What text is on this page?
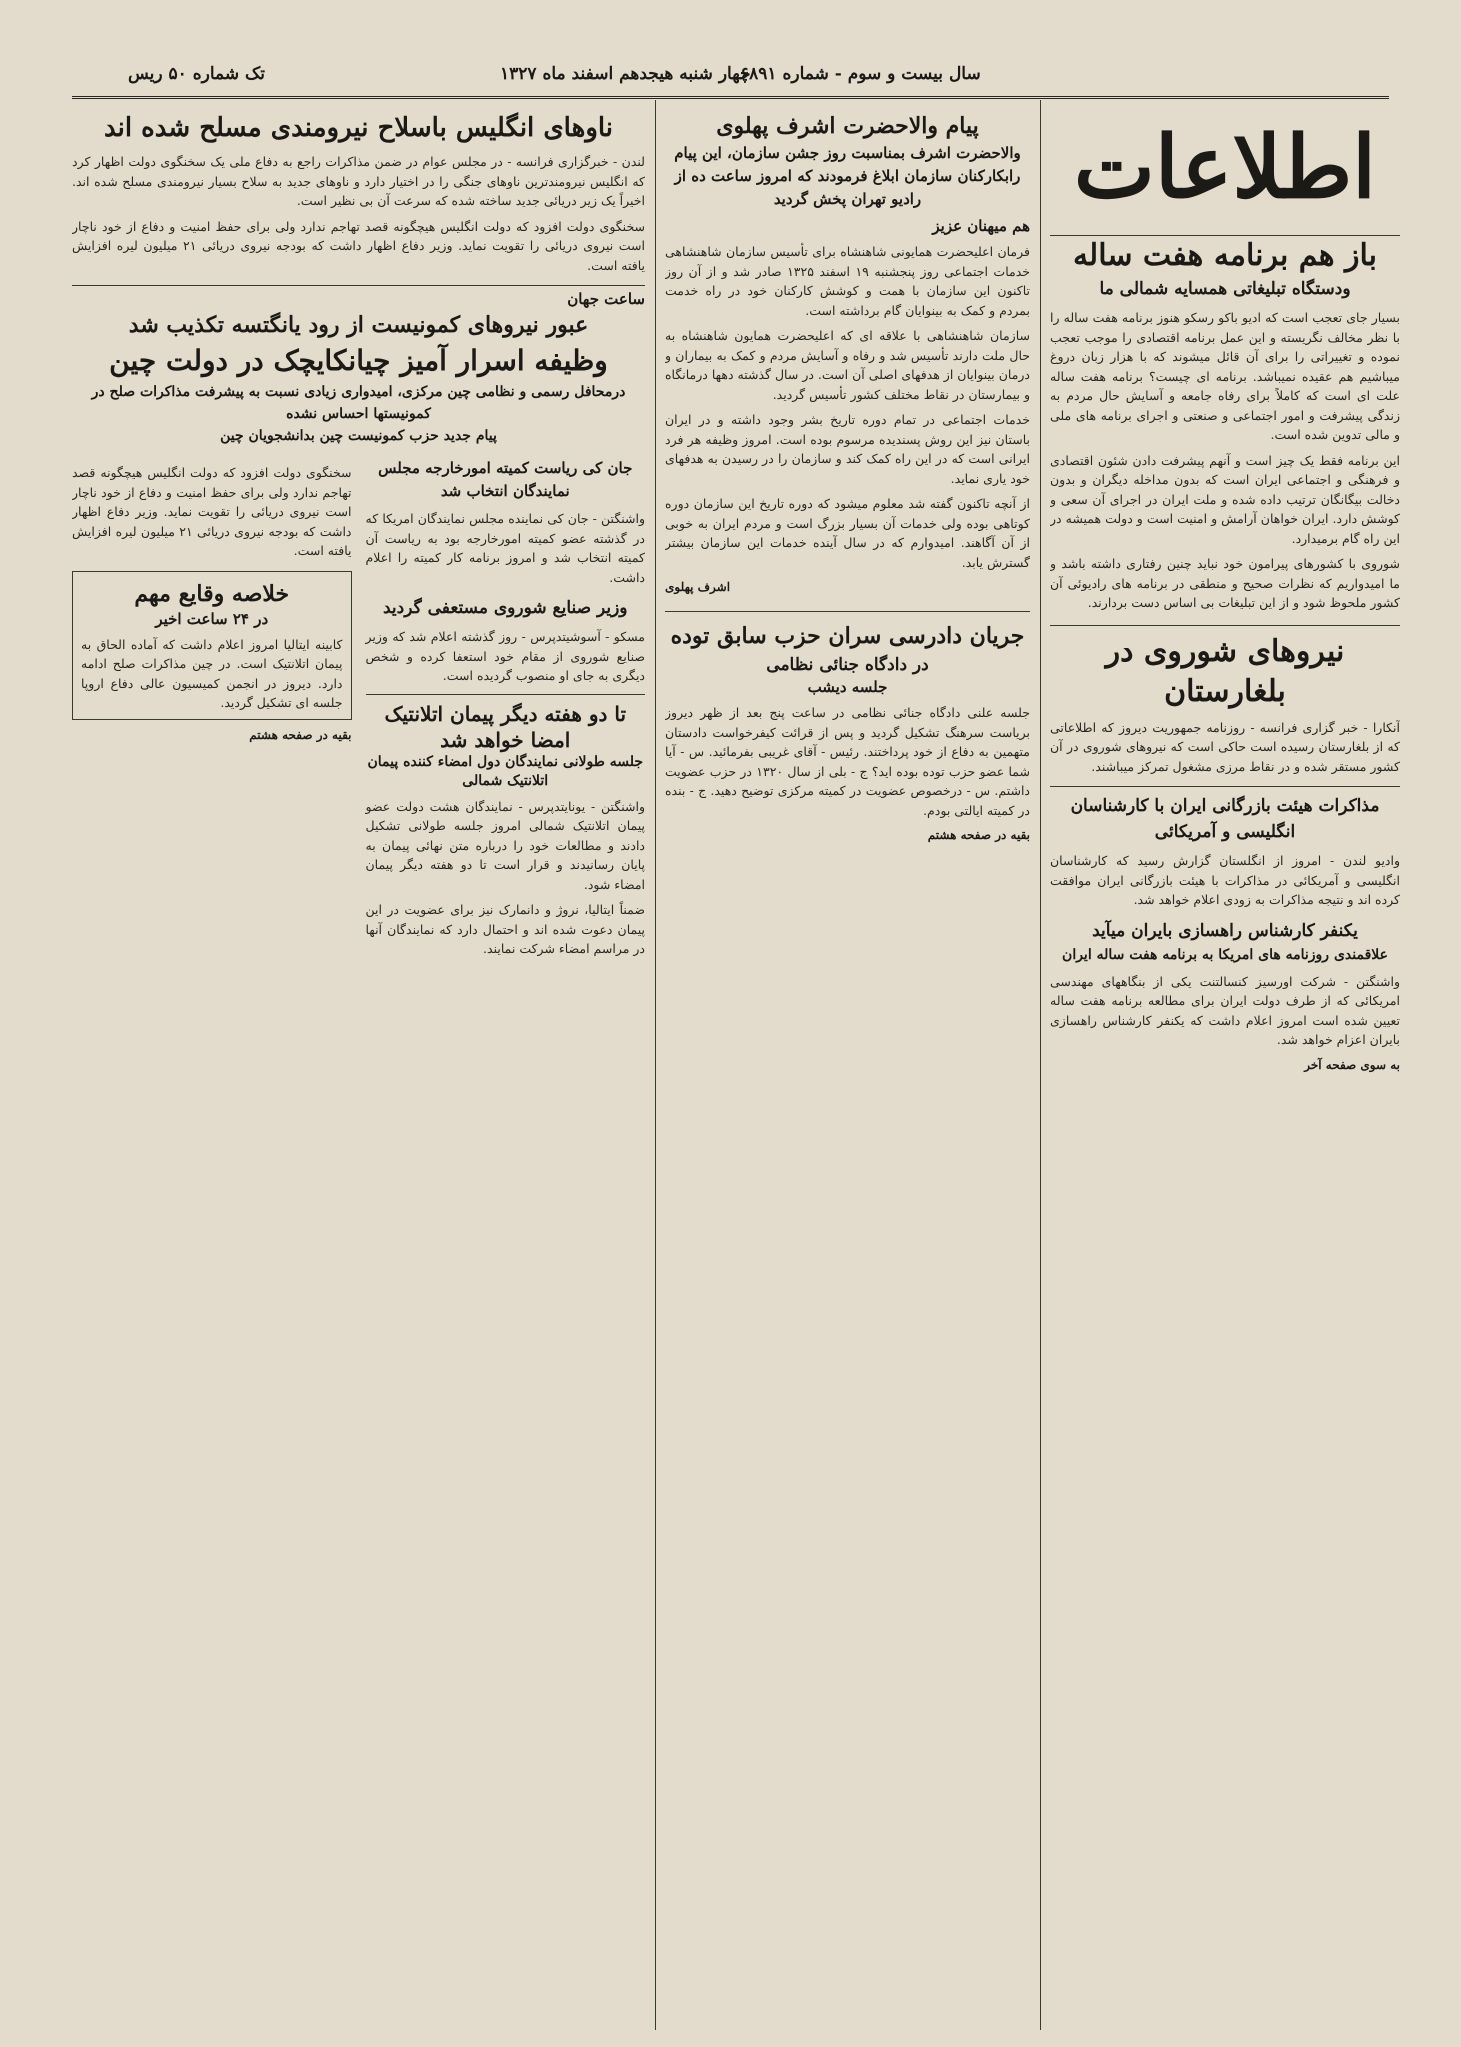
تک شماره ۵۰ ریس	چهار شنبه هیجدهم اسفند ماه ۱۳۲۷
سال بیست و سوم - شماره ۶۸۹۱
اطلاعات
باز هم برنامه هفت ساله
ودستگاه تبلیغاتی همسایه شمالی ما
بسیار جای تعجب است که ادیو باکو رسکو هنوز برنامه هفت ساله را با نظر مخالف نگریسته و این عمل برنامه اقتصادی را موجب تعجب نموده و تغییراتی را برای آن قائل میشوند که با هزار زبان دروغ میباشیم هم عقیده نمیباشد. برنامه ای چیست؟ برنامه هفت ساله علت ای است که کاملاً برای رفاه جامعه و آسایش حال مردم به زندگی پیشرفت و امور اجتماعی و صنعتی و اجرای برنامه های ملی و مالی تدوین شده است.
این برنامه فقط یک چیز است و آنهم پیشرفت دادن شئون اقتصادی و فرهنگی و اجتماعی ایران است که بدون مداخله دیگران و بدون دخالت بیگانگان ترتیب داده شده و ملت ایران در اجرای آن سعی و کوشش دارد. ایران خواهان آرامش و امنیت است و دولت همیشه در این راه گام برمیدارد.
شوروی با کشورهای پیرامون خود نباید چنین رفتاری داشته باشد و ما امیدواریم که نظرات صحیح و منطقی در برنامه های رادیوئی آن کشور ملحوظ شود و از این تبلیغات بی اساس دست بردارند.
نیروهای شوروی در بلغارستان
آنکارا - خبر گزاری فرانسه - روزنامه جمهوریت دیروز که اطلاعاتی که از بلغارستان رسیده است حاکی است که نیروهای شوروی در آن کشور مستقر شده و در نقاط مرزی مشغول تمرکز میباشند.
مذاکرات هیئت بازرگانی ایران با کارشناسان انگلیسی و آمریکائی
وادیو لندن - امروز از انگلستان گزارش رسید که کارشناسان انگلیسی و آمریکائی در مذاکرات با هیئت بازرگانی ایران موافقت کرده اند و نتیجه مذاکرات به زودی اعلام خواهد شد.
یکنفر کارشناس راهسازی بایران میآید
علاقمندی روزنامه های امریکا به برنامه هفت ساله ایران
واشنگتن - شرکت اورسیز کنسالتنت یکی از بنگاههای مهندسی امریکائی که از طرف دولت ایران برای مطالعه برنامه هفت ساله تعیین شده است امروز اعلام داشت که یکنفر کارشناس راهسازی بایران اعزام خواهد شد.
به سوی صفحه آخر
پیام والاحضرت اشرف پهلوی
والاحضرت اشرف بمناسبت روز جشن سازمان، این پیام رابکارکنان سازمان ابلاغ فرمودند که امروز ساعت ده از رادیو تهران پخش گردید
هم میهنان عزیز
فرمان اعلیحضرت همایونی شاهنشاه برای تأسیس سازمان شاهنشاهی خدمات اجتماعی روز پنجشنبه ۱۹ اسفند ۱۳۲۵ صادر شد و از آن روز تاکنون این سازمان با همت و کوشش کارکنان خود در راه خدمت بمردم و کمک به بینوایان گام برداشته است.
سازمان شاهنشاهی با علاقه ای که اعلیحضرت همایون شاهنشاه به حال ملت دارند تأسیس شد و رفاه و آسایش مردم و کمک به بیماران و درمان بینوایان از هدفهای اصلی آن است. در سال گذشته دهها درمانگاه و بیمارستان در نقاط مختلف کشور تأسیس گردید.
خدمات اجتماعی در تمام دوره تاریخ بشر وجود داشته و در ایران باستان نیز این روش پسندیده مرسوم بوده است. امروز وظیفه هر فرد ایرانی است که در این راه کمک کند و سازمان را در رسیدن به هدفهای خود یاری نماید.
از آنچه تاکنون گفته شد معلوم میشود که دوره تاریخ این سازمان دوره کوتاهی بوده ولی خدمات آن بسیار بزرگ است و مردم ایران به خوبی از آن آگاهند. امیدوارم که در سال آینده خدمات این سازمان بیشتر گسترش یابد.
اشرف پهلوی
جریان دادرسی سران حزب سابق توده
در دادگاه جنائی نظامی
جلسه دیشب
جلسه علنی دادگاه جنائی نظامی در ساعت پنج بعد از ظهر دیروز بریاست سرهنگ تشکیل گردید و پس از قرائت کیفرخواست دادستان متهمین به دفاع از خود پرداختند. رئیس - آقای غریبی بفرمائید. س - آیا شما عضو حزب توده بوده اید؟ ج - بلی از سال ۱۳۲۰ در حزب عضویت داشتم. س - درخصوص عضویت در کمیته مرکزی توضیح دهید. ج - بنده در کمیته ایالتی بودم.
بقیه در صفحه هشتم
ناوهای انگلیس باسلاح نیرومندی مسلح شده اند
لندن - خبرگزاری فرانسه - در مجلس عوام در ضمن مذاکرات راجع به دفاع ملی یک سخنگوی دولت اظهار کرد که انگلیس نیرومندترین ناوهای جنگی را در اختیار دارد و ناوهای جدید به سلاح بسیار نیرومندی مسلح شده اند. اخیراً یک زیر دریائی جدید ساخته شده که سرعت آن بی نظیر است.
سخنگوی دولت افزود که دولت انگلیس هیچگونه قصد تهاجم ندارد ولی برای حفظ امنیت و دفاع از خود ناچار است نیروی دریائی را تقویت نماید. وزیر دفاع اظهار داشت که بودجه نیروی دریائی ۲۱ میلیون لیره افزایش یافته است.
ساعت جهان
عبور نیروهای کمونیست از رود یانگتسه تکذیب شد
وظیفه اسرار آمیز چیانکایچک در دولت چین
درمحافل رسمی و نظامی چین مرکزی، امیدواری زیادی نسبت به پیشرفت مذاکرات صلح در کمونیستها احساس نشده
پیام جدید حزب کمونیست چین بدانشجویان چین
جان کی ریاست کمیته امورخارجه مجلس نمایندگان انتخاب شد
واشنگتن - جان کی نماینده مجلس نمایندگان امریکا که در گذشته عضو کمیته امورخارجه بود به ریاست آن کمیته انتخاب شد و امروز برنامه کار کمیته را اعلام داشت.
وزیر صنایع شوروی مستعفی گردید
مسکو - آسوشیتدپرس - روز گذشته اعلام شد که وزیر صنایع شوروی از مقام خود استعفا کرده و شخص دیگری به جای او منصوب گردیده است.
تا دو هفته دیگر پیمان اتلانتیک امضا خواهد شد
جلسه طولانی نمایندگان دول امضاء کننده پیمان اتلانتیک شمالی
واشنگتن - یونایتدپرس - نمایندگان هشت دولت عضو پیمان اتلانتیک شمالی امروز جلسه طولانی تشکیل دادند و مطالعات خود را درباره متن نهائی پیمان به پایان رسانیدند و قرار است تا دو هفته دیگر پیمان امضاء شود.
ضمناً ایتالیا، نروژ و دانمارک نیز برای عضویت در این پیمان دعوت شده اند و احتمال دارد که نمایندگان آنها در مراسم امضاء شرکت نمایند.
سخنگوی دولت افزود که دولت انگلیس هیچگونه قصد تهاجم ندارد ولی برای حفظ امنیت و دفاع از خود ناچار است نیروی دریائی را تقویت نماید. وزیر دفاع اظهار داشت که بودجه نیروی دریائی ۲۱ میلیون لیره افزایش یافته است.
خلاصه وقایع مهم
در ۲۴ ساعت اخیر
کابینه ایتالیا امروز اعلام داشت که آماده الحاق به پیمان اتلانتیک است. در چین مذاکرات صلح ادامه دارد. دیروز در انجمن کمیسیون عالی دفاع اروپا جلسه ای تشکیل گردید.
بقیه در صفحه هشتم
